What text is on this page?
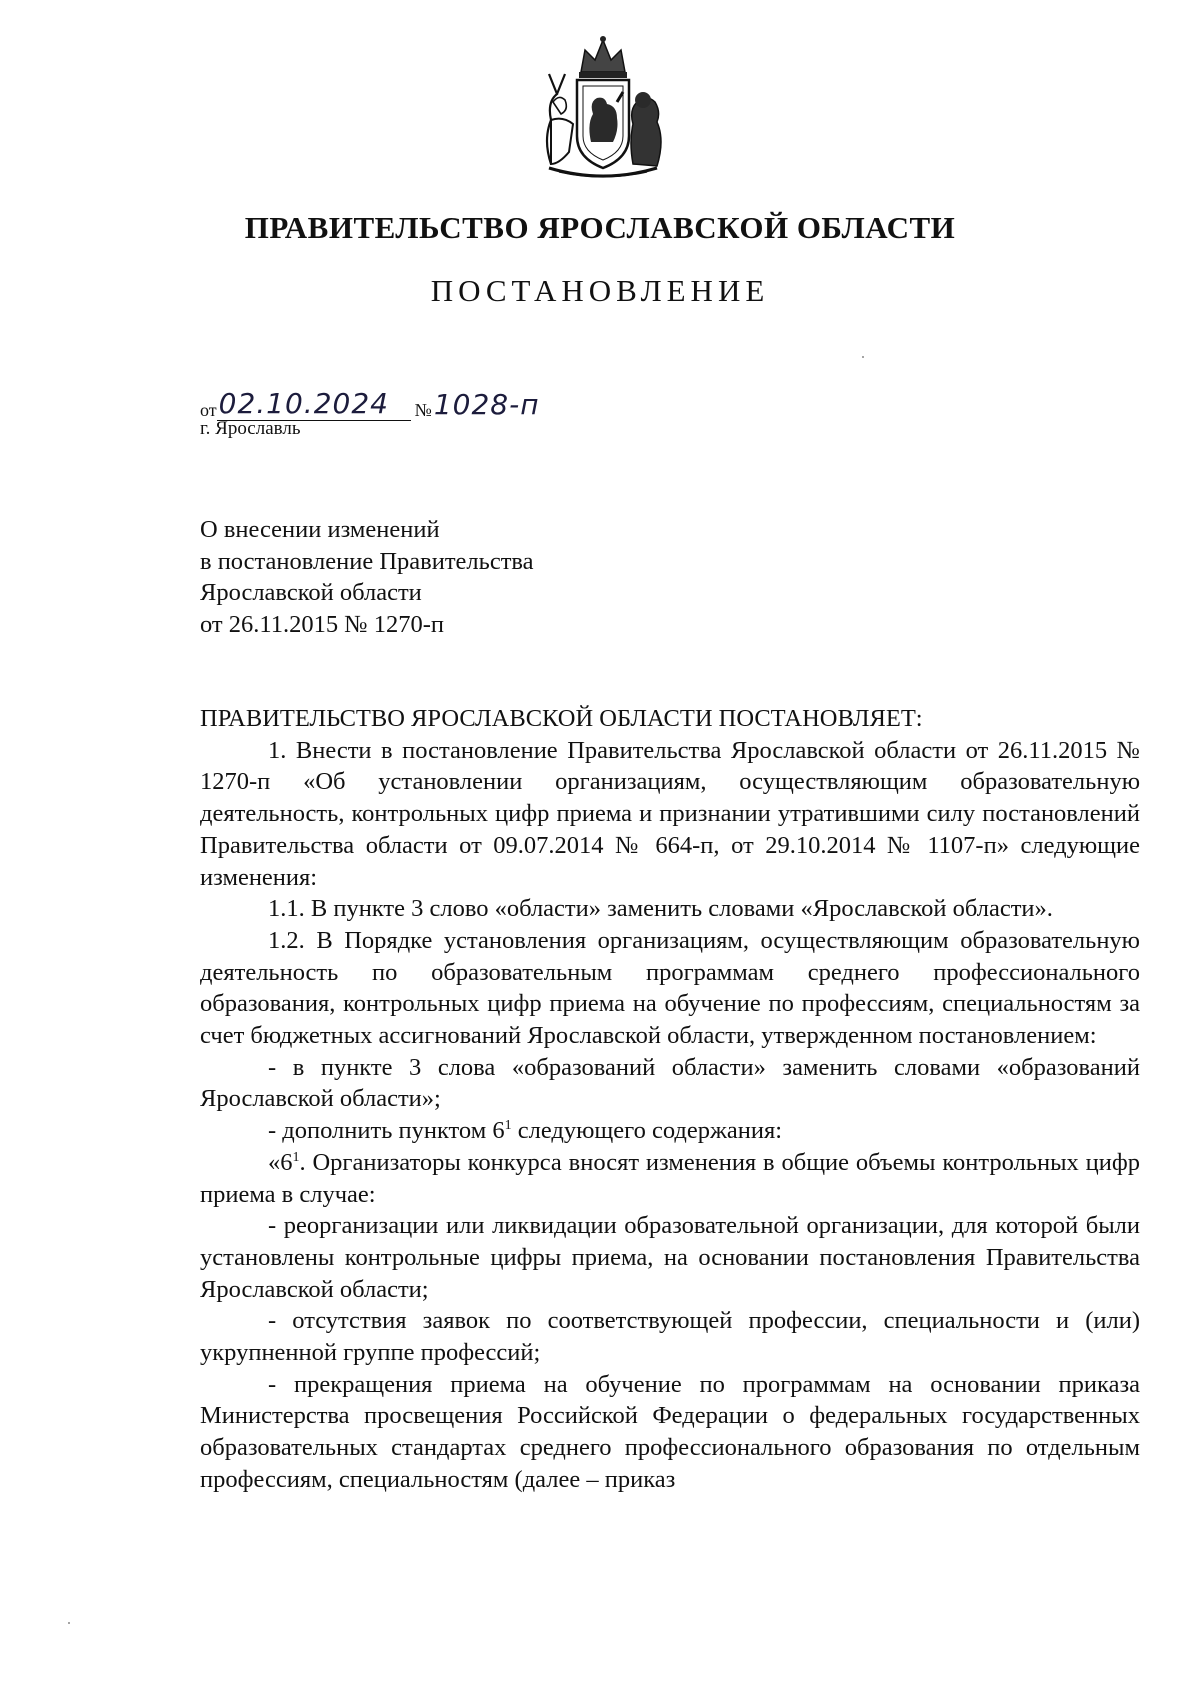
ПРАВИТЕЛЬСТВО ЯРОСЛАВСКОЙ ОБЛАСТИ
ПОСТАНОВЛЕНИЕ
от 02.10.2024	№ 1028-п
г. Ярославль
О внесении изменений
в постановление Правительства
Ярославской области
от 26.11.2015 № 1270-п

ПРАВИТЕЛЬСТВО ЯРОСЛАВСКОЙ ОБЛАСТИ ПОСТАНОВЛЯЕТ:

1. Внести в постановление Правительства Ярославской области от 26.11.2015 № 1270-п «Об установлении организациям, осуществляющим образовательную деятельность, контрольных цифр приема и признании утратившими силу постановлений Правительства области от 09.07.2014 № 664-п, от 29.10.2014 № 1107-п» следующие изменения:

1.1. В пункте 3 слово «области» заменить словами «Ярославской области».

1.2. В Порядке установления организациям, осуществляющим образовательную деятельность по образовательным программам среднего профессионального образования, контрольных цифр приема на обучение по профессиям, специальностям за счет бюджетных ассигнований Ярославской области, утвержденном постановлением:

- в пункте 3 слова «образований области» заменить словами «образований Ярославской области»;

- дополнить пунктом $6^1$ следующего содержания:

«$6^1$. Организаторы конкурса вносят изменения в общие объемы контрольных цифр приема в случае:

- реорганизации или ликвидации образовательной организации, для которой были установлены контрольные цифры приема, на основании постановления Правительства Ярославской области;

- отсутствия заявок по соответствующей профессии, специальности и (или) укрупненной группе профессий;

- прекращения приема на обучение по программам на основании приказа Министерства просвещения Российской Федерации о федеральных государственных образовательных стандартах среднего профессионального образования по отдельным профессиям, специальностям (далее – приказ
